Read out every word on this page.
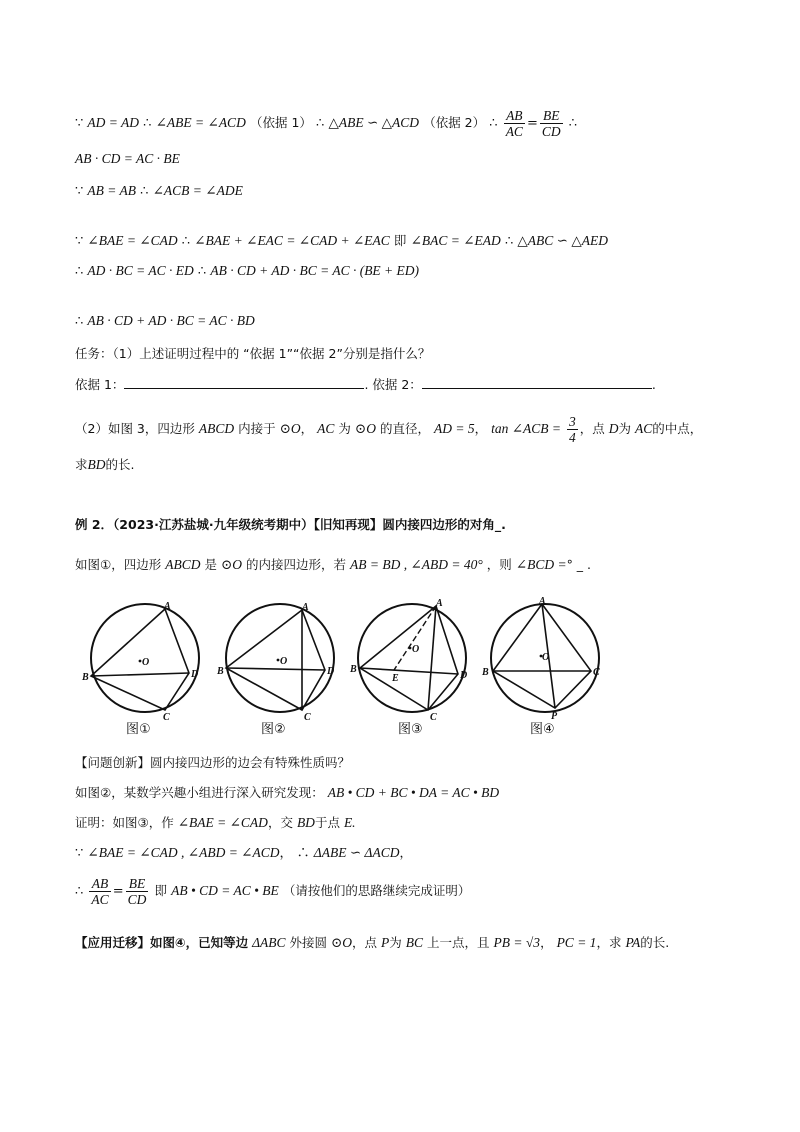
∵ AD = AD ∴ ∠ABE = ∠ACD （依据 1） ∴ △ABE ∽ △ACD （依据 2） ∴ $\frac{AB}{AC} = \frac{BE}{CD}$ ∴
AB · CD = AC · BE
∵ AB = AB ∴ ∠ACB = ∠ADE
∵ ∠BAE = ∠CAD ∴ ∠BAE + ∠EAC = ∠CAD + ∠EAC 即 ∠BAC = ∠EAD ∴ △ABC ∽ △AED
∴ AD · BC = AC · ED ∴ AB · CD + AD · BC = AC · (BE + ED)
∴ AB · CD + AD · BC = AC · BD
任务：（1）上述证明过程中的 “依据 1”“依据 2”分别是指什么？
依据 1：	. 依据 2：	.
（2）如图 3，四边形 ABCD 内接于 ⊙O， AC 为 ⊙O 的直径， AD = 5， tan ∠ACB = $\frac{3}{4}$ ，点 D为 AC的中点，
求BD的长.
例 2．（2023·江苏盐城·九年级统考期中）【旧知再现】圆内接四边形的对角_.
如图①，四边形 ABCD 是 ⊙O 的内接四边形，若 AB = BD , ∠ABD = 40° ，则 ∠BCD =° _ .
O
A
B
C
D
O
A
B
C
D
O
A
B
E
C
D
O
A
B	C
P
图①	图②	图③	图④
【问题创新】圆内接四边形的边会有特殊性质吗？
如图②，某数学兴趣小组进行深入研究发现： AB • CD + BC • DA = AC • BD
证明：如图③，作 ∠BAE = ∠CAD，交 BD于点 E.
∵ ∠BAE = ∠CAD , ∠ABD = ∠ACD， ∴ ΔABE ∽ ΔACD，
∴ $\frac{AB}{AC} = \frac{BE}{CD}$ 即 AB • CD = AC • BE （请按他们的思路继续完成证明）
【应用迁移】如图④，已知等边 ΔABC 外接圆 ⊙O，点 P为 BC 上一点，且 PB = √3， PC = 1，求 PA的长.
